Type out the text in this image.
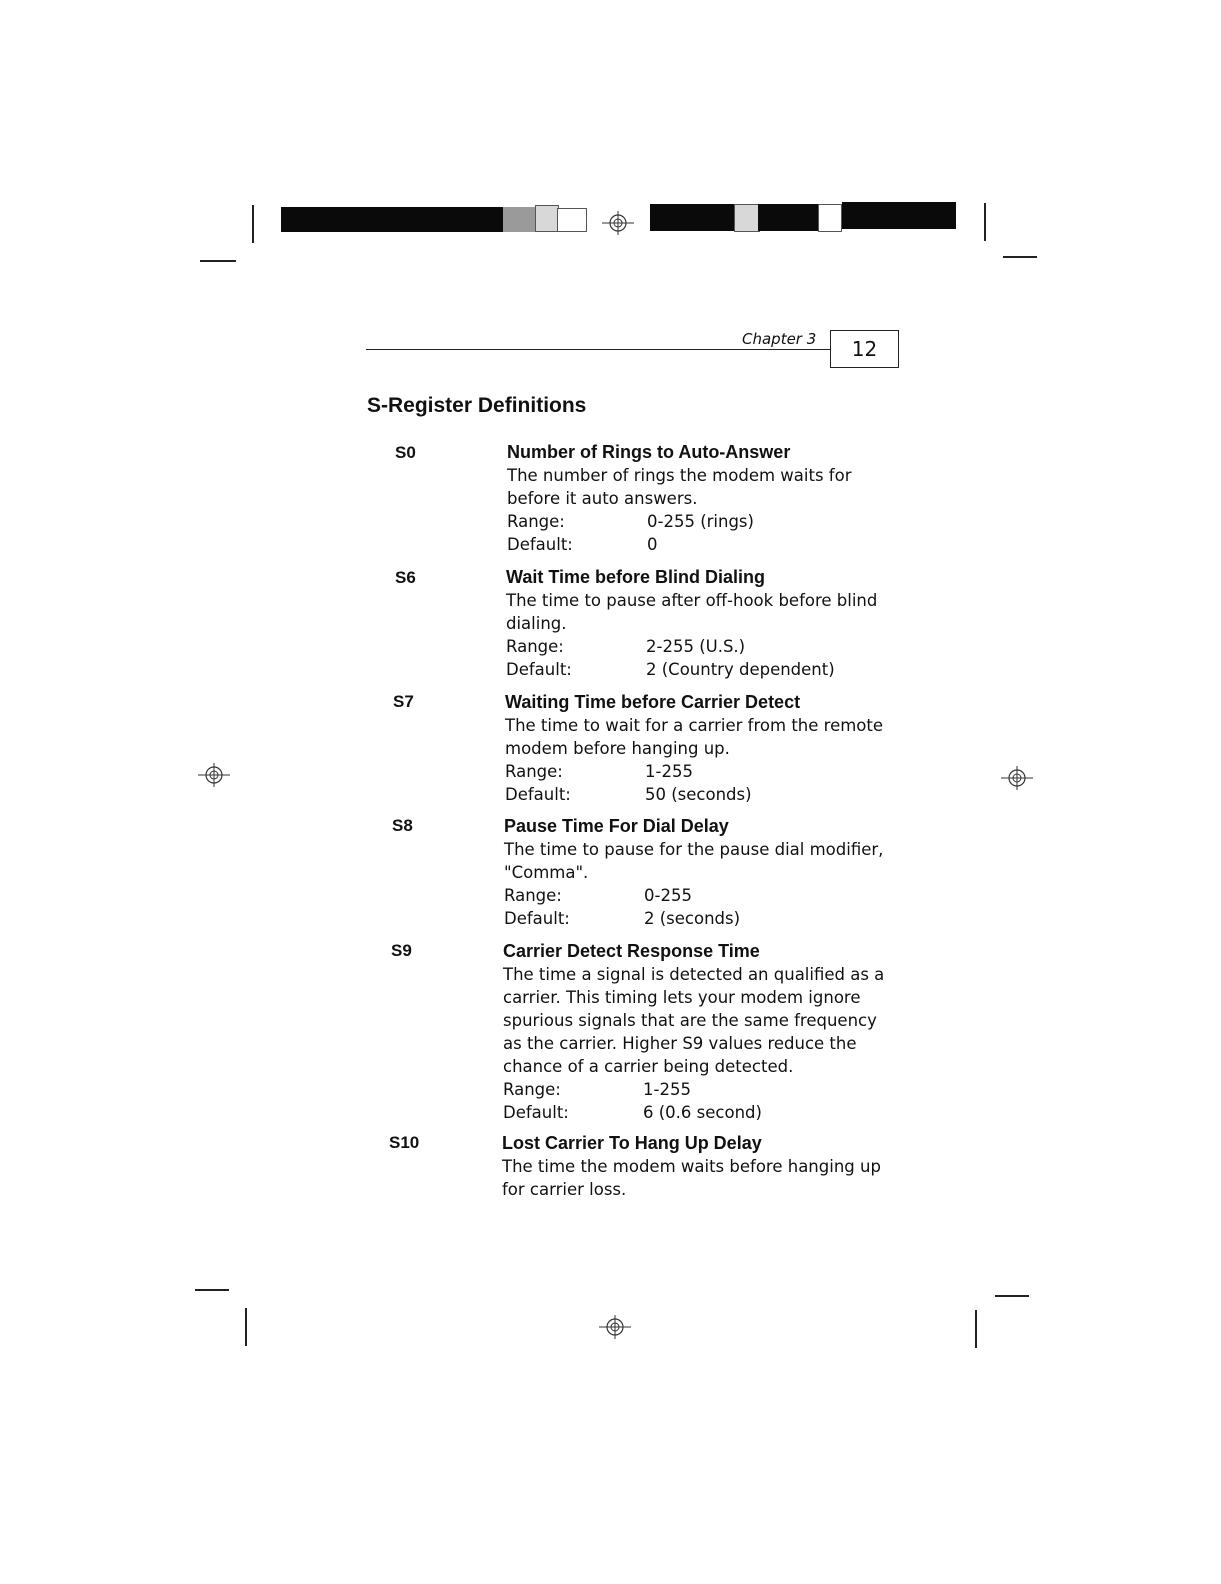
Chapter 3	12
S-Register Definitions
S0	Number of Rings to Auto-Answer
The number of rings the modem waits for before it auto answers.
Range:	0-255 (rings)
Default:	0
S6	Wait Time before Blind Dialing
The time to pause after off-hook before blind dialing.
Range:	2-255 (U.S.)
Default:	2 (Country dependent)
S7	Waiting Time before Carrier Detect
The time to wait for a carrier from the remote modem before hanging up.
Range:	1-255
Default:	50 (seconds)
S8	Pause Time For Dial Delay
The time to pause for the pause dial modifier, "Comma".
Range:	0-255
Default:	2 (seconds)
S9	Carrier Detect Response Time
The time a signal is detected an qualified as a carrier. This timing lets your modem ignore spurious signals that are the same frequency as the carrier. Higher S9 values reduce the chance of a carrier being detected.
Range:	1-255
Default:	6 (0.6 second)
S10	Lost Carrier To Hang Up Delay
The time the modem waits before hanging up for carrier loss.
